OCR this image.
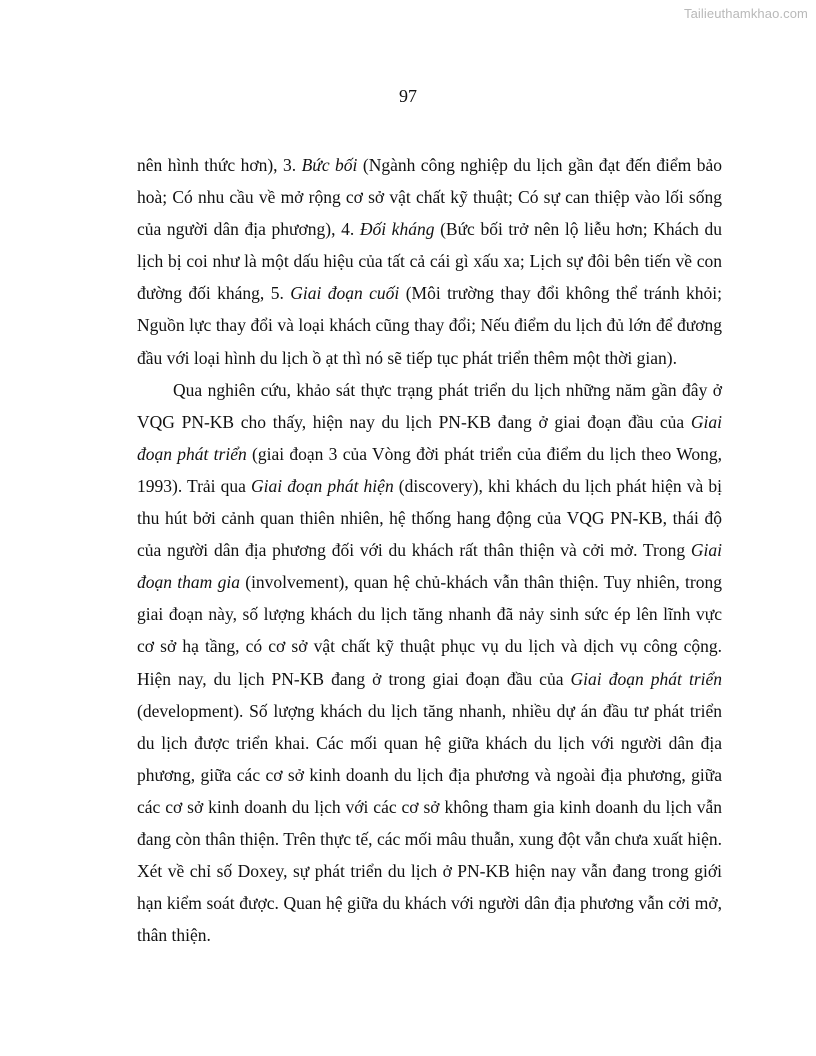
Tailieuthamkhao.com
97

nên hình thức hơn), 3. Bức bối (Ngành công nghiệp du lịch gần đạt đến điểm bảo hoà; Có nhu cầu về mở rộng cơ sở vật chất kỹ thuật; Có sự can thiệp vào lối sống của người dân địa phương), 4. Đối kháng (Bức bối trở nên lộ liễu hơn; Khách du lịch bị coi như là một dấu hiệu của tất cả cái gì xấu xa; Lịch sự đôi bên tiến về con đường đối kháng, 5. Giai đoạn cuối (Môi trường thay đổi không thể tránh khỏi; Nguồn lực thay đổi và loại khách cũng thay đổi; Nếu điểm du lịch đủ lớn để đương đầu với loại hình du lịch ồ ạt thì nó sẽ tiếp tục phát triển thêm một thời gian).

Qua nghiên cứu, khảo sát thực trạng phát triển du lịch những năm gần đây ở VQG PN-KB cho thấy, hiện nay du lịch PN-KB đang ở giai đoạn đầu của Giai đoạn phát triển (giai đoạn 3 của Vòng đời phát triển của điểm du lịch theo Wong, 1993). Trải qua Giai đoạn phát hiện (discovery), khi khách du lịch phát hiện và bị thu hút bởi cảnh quan thiên nhiên, hệ thống hang động của VQG PN-KB, thái độ của người dân địa phương đối với du khách rất thân thiện và cởi mở. Trong Giai đoạn tham gia (involvement), quan hệ chủ-khách vẫn thân thiện. Tuy nhiên, trong giai đoạn này, số lượng khách du lịch tăng nhanh đã nảy sinh sức ép lên lĩnh vực cơ sở hạ tầng, có cơ sở vật chất kỹ thuật phục vụ du lịch và dịch vụ công cộng. Hiện nay, du lịch PN-KB đang ở trong giai đoạn đầu của Giai đoạn phát triển (development). Số lượng khách du lịch tăng nhanh, nhiều dự án đầu tư phát triển du lịch được triển khai. Các mối quan hệ giữa khách du lịch với người dân địa phương, giữa các cơ sở kinh doanh du lịch địa phương và ngoài địa phương, giữa các cơ sở kinh doanh du lịch với các cơ sở không tham gia kinh doanh du lịch vẫn đang còn thân thiện. Trên thực tế, các mối mâu thuẫn, xung đột vẫn chưa xuất hiện. Xét về chỉ số Doxey, sự phát triển du lịch ở PN-KB hiện nay vẫn đang trong giới hạn kiểm soát được. Quan hệ giữa du khách với người dân địa phương vẫn cởi mở, thân thiện.
